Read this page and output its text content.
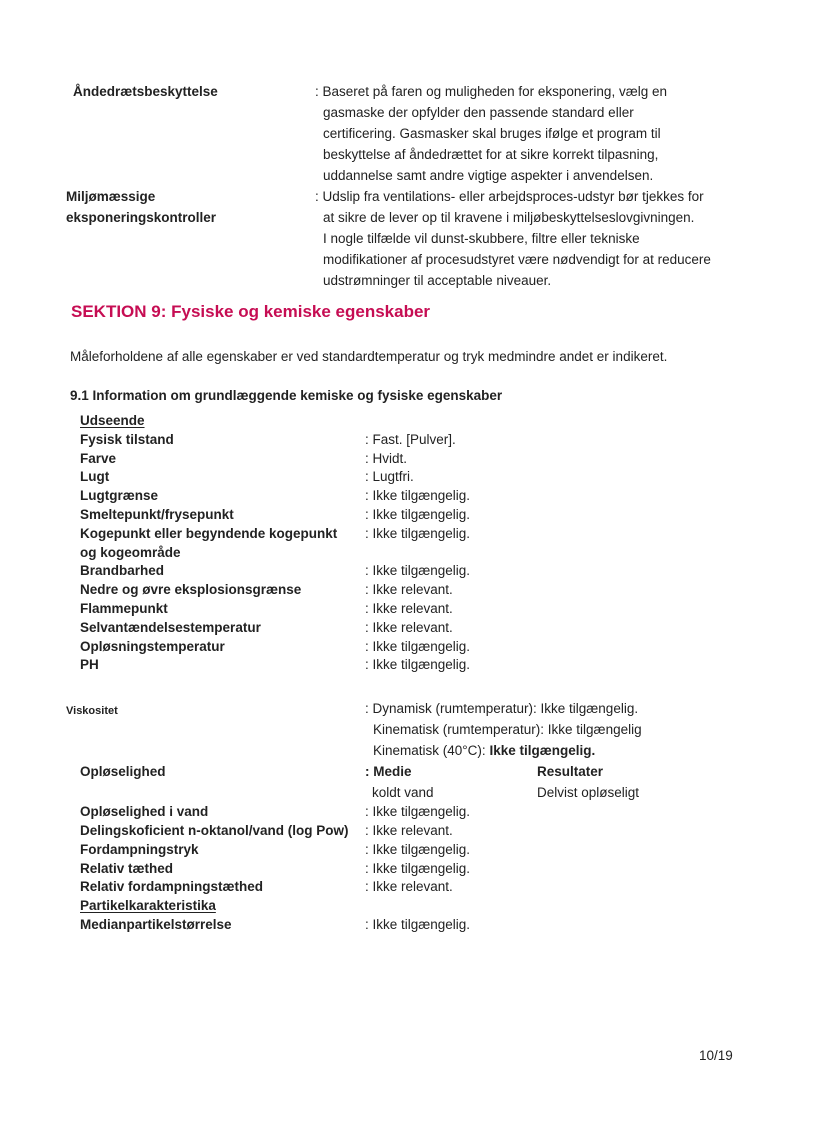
Åndedrætsbeskyttelse	: Baseret på faren og muligheden for eksponering, vælg en
gasmaske der opfylder den passende standard eller
certificering. Gasmasker skal bruges ifølge et program til
beskyttelse af åndedrættet for at sikre korrekt tilpasning,
uddannelse samt andre vigtige aspekter i anvendelsen.
Miljømæssige
eksponeringskontroller
: Udslip fra ventilations- eller arbejdsproces-udstyr bør tjekkes for
at sikre de lever op til kravene i miljøbeskyttelseslovgivningen.
I nogle tilfælde vil dunst-skubbere, filtre eller tekniske
modifikationer af procesudstyret være nødvendigt for at reducere
udstrømninger til acceptable niveauer.
SEKTION 9: Fysiske og kemiske egenskaber

Måleforholdene af alle egenskaber er ved standardtemperatur og tryk medmindre andet er indikeret.

9.1 Information om grundlæggende kemiske og fysiske egenskaber
Udseende
Fysisk tilstand	: Fast. [Pulver].
Farve	: Hvidt.
Lugt	: Lugtfri.
Lugtgrænse	: Ikke tilgængelig.
Smeltepunkt/frysepunkt	: Ikke tilgængelig.
Kogepunkt eller begyndende kogepunkt	: Ikke tilgængelig.
og kogeområde
Brandbarhed	: Ikke tilgængelig.
Nedre og øvre eksplosionsgrænse	: Ikke relevant.
Flammepunkt	: Ikke relevant.
Selvantændelsestemperatur	: Ikke relevant.
Opløsningstemperatur	: Ikke tilgængelig.
PH	: Ikke tilgængelig.
Viskositet	: Dynamisk (rumtemperatur): Ikke tilgængelig.
Kinematisk (rumtemperatur): Ikke tilgængelig
Kinematisk (40°C): Ikke tilgængelig.
Opløselighed	: Medie	Resultater
koldt vand	Delvist opløseligt
Opløselighed i vand	: Ikke tilgængelig.
Delingskoficient n-oktanol/vand (log Pow)	: Ikke relevant.
Fordampningstryk	: Ikke tilgængelig.
Relativ tæthed	: Ikke tilgængelig.
Relativ fordampningstæthed	: Ikke relevant.
Partikelkarakteristika
Medianpartikelstørrelse	: Ikke tilgængelig.
10/19
